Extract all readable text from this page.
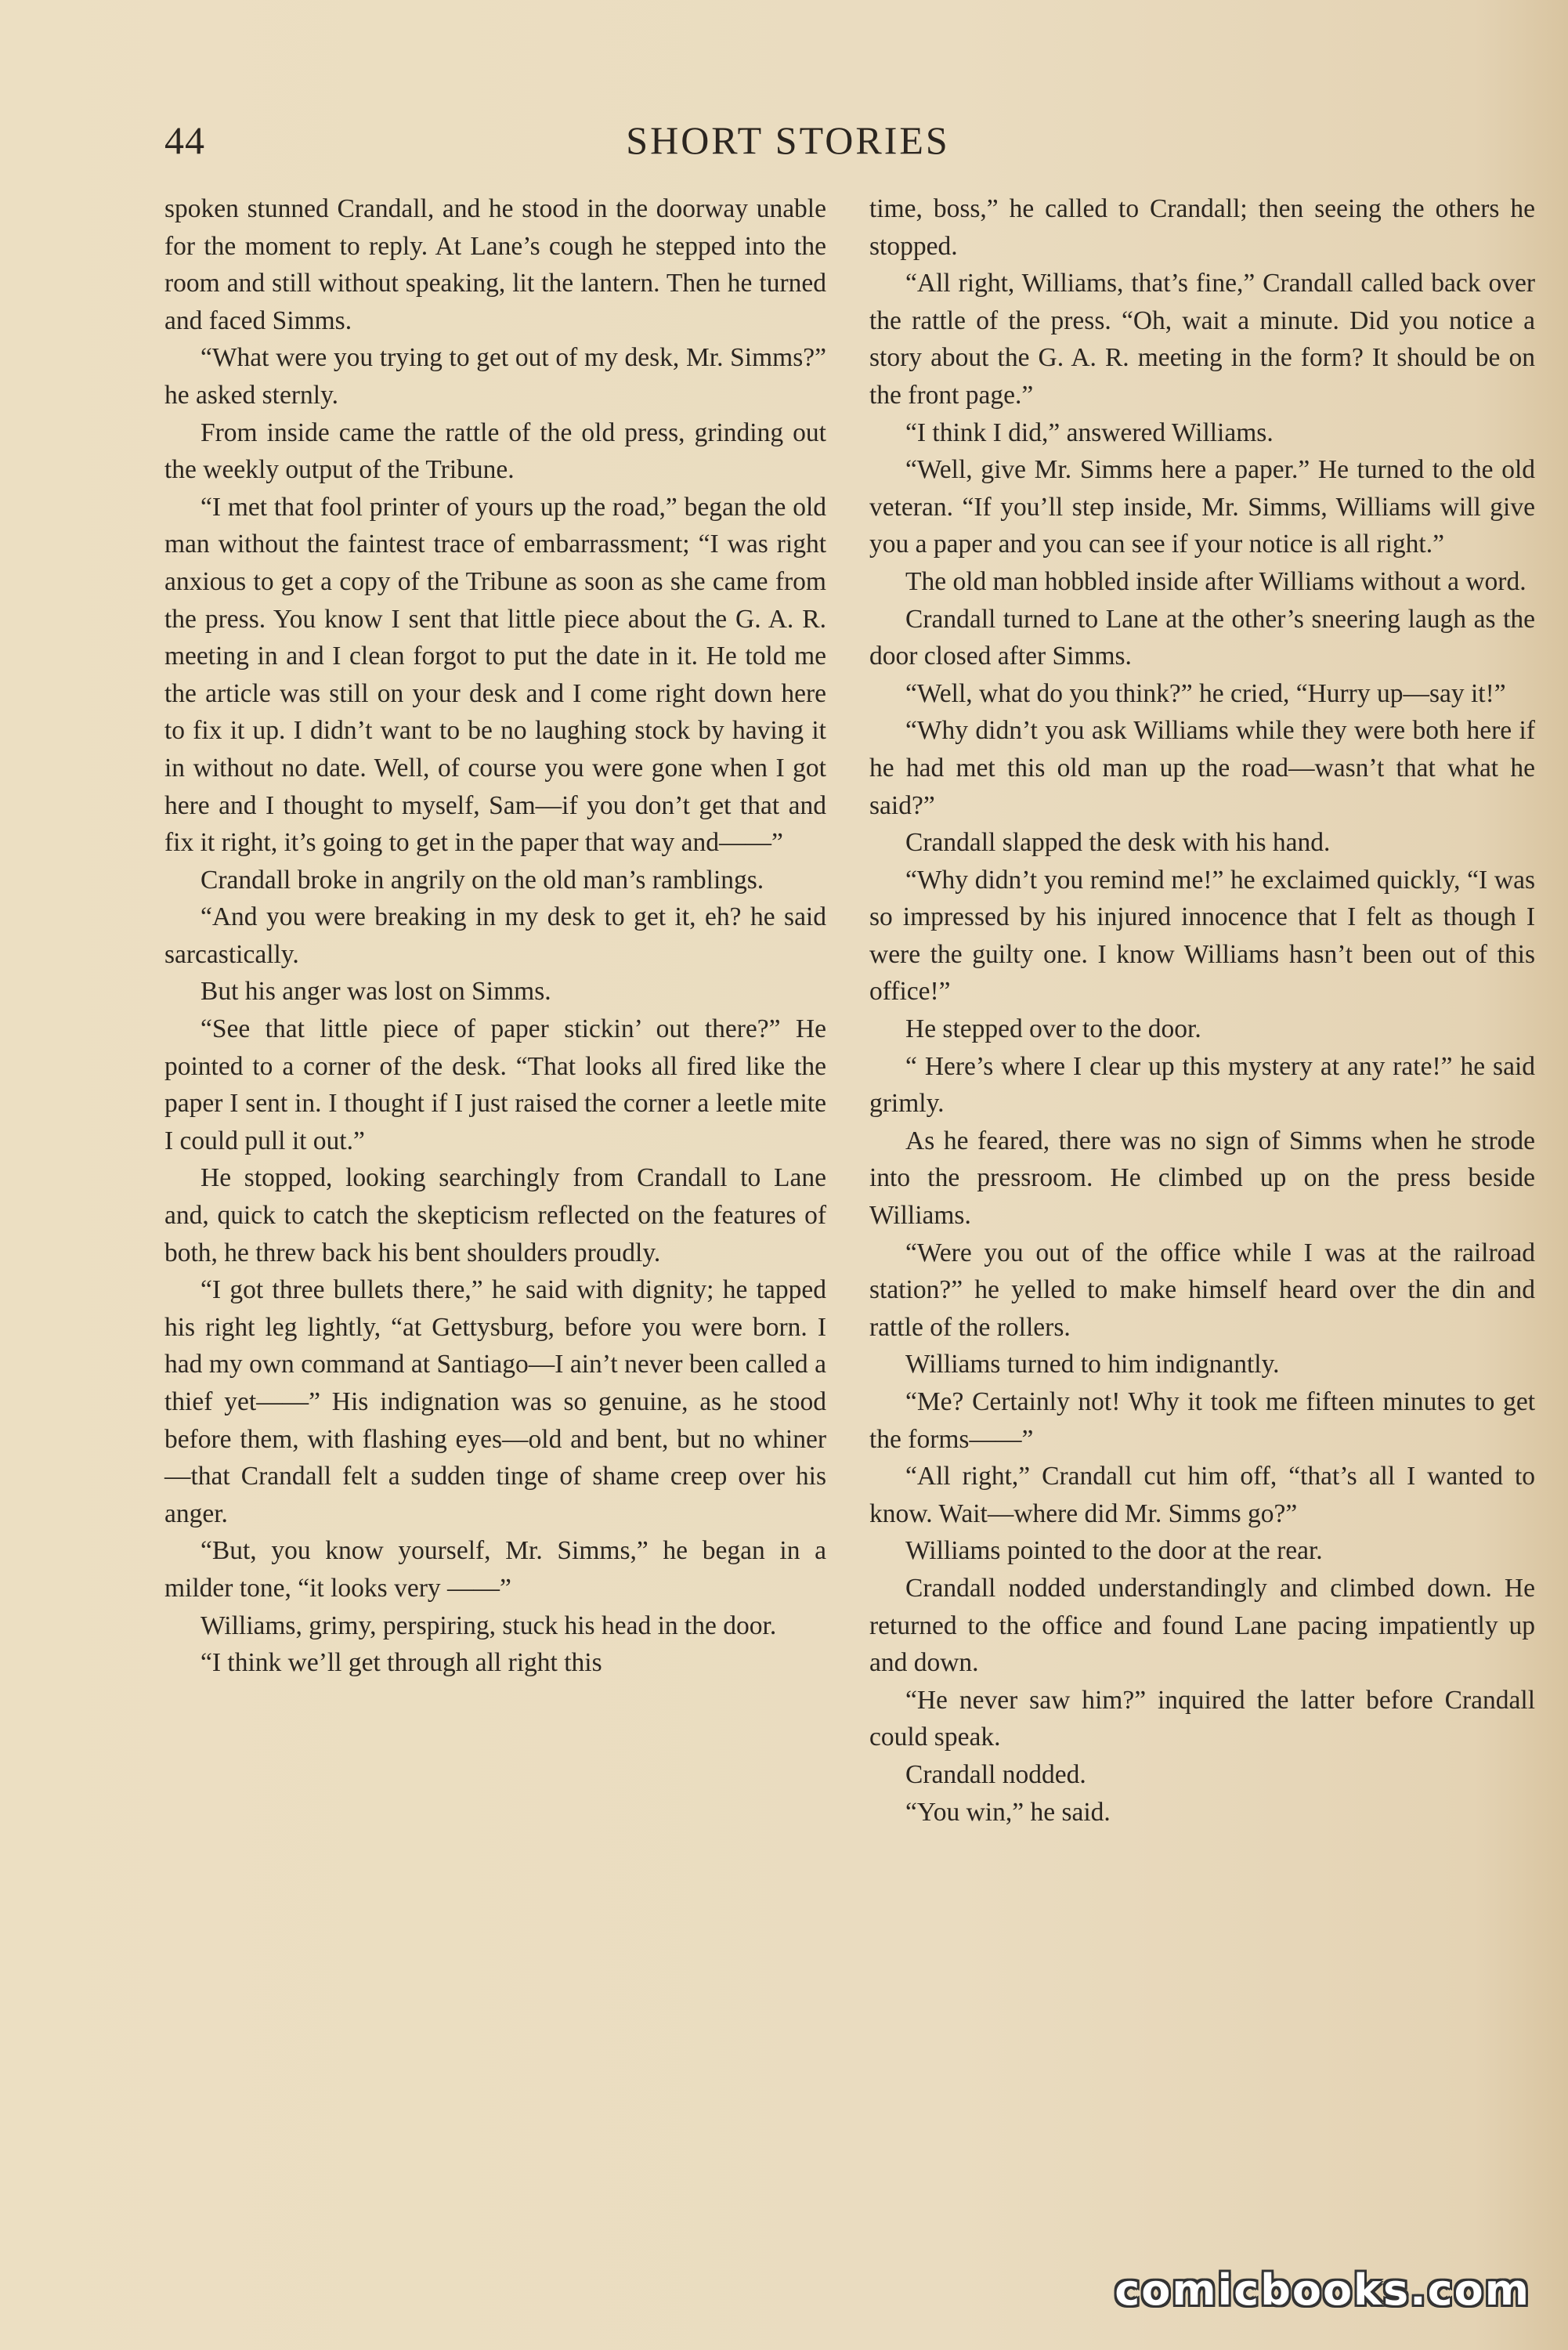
SHORT STORIES
44

spoken stunned Crandall, and he stood in the doorway unable for the moment to reply. At Lane’s cough he stepped into the room and still without speaking, lit the lantern. Then he turned and faced Simms.

“What were you trying to get out of my desk, Mr. Simms?” he asked sternly.

From inside came the rattle of the old press, grinding out the weekly output of the Tribune.

“I met that fool printer of yours up the road,” began the old man without the faintest trace of embarrassment; “I was right anxious to get a copy of the Tribune as soon as she came from the press. You know I sent that little piece about the G. A. R. meeting in and I clean forgot to put the date in it. He told me the article was still on your desk and I come right down here to fix it up. I didn’t want to be no laughing stock by having it in without no date. Well, of course you were gone when I got here and I thought to myself, Sam—if you don’t get that and fix it right, it’s going to get in the paper that way and——”

Crandall broke in angrily on the old man’s ramblings.

“And you were breaking in my desk to get it, eh? he said sarcastically.

But his anger was lost on Simms.

“See that little piece of paper stickin’ out there?” He pointed to a corner of the desk. “That looks all fired like the paper I sent in. I thought if I just raised the corner a leetle mite I could pull it out.”

He stopped, looking searchingly from Crandall to Lane and, quick to catch the skepticism reflected on the features of both, he threw back his bent shoulders proudly.

“I got three bullets there,” he said with dignity; he tapped his right leg lightly, “at Gettysburg, before you were born. I had my own command at Santiago—I ain’t never been called a thief yet——” His indignation was so genuine, as he stood before them, with flashing eyes—old and bent, but no whiner—that Crandall felt a sudden tinge of shame creep over his anger.

“But, you know yourself, Mr. Simms,” he began in a milder tone, “it looks very ——”

Williams, grimy, perspiring, stuck his head in the door.

“I think we’ll get through all right this

time, boss,” he called to Crandall; then seeing the others he stopped.

“All right, Williams, that’s fine,” Crandall called back over the rattle of the press. “Oh, wait a minute. Did you notice a story about the G. A. R. meeting in the form? It should be on the front page.”

“I think I did,” answered Williams.

“Well, give Mr. Simms here a paper.” He turned to the old veteran. “If you’ll step inside, Mr. Simms, Williams will give you a paper and you can see if your notice is all right.”

The old man hobbled inside after Williams without a word.

Crandall turned to Lane at the other’s sneering laugh as the door closed after Simms.

“Well, what do you think?” he cried, “Hurry up—say it!”

“Why didn’t you ask Williams while they were both here if he had met this old man up the road—wasn’t that what he said?”

Crandall slapped the desk with his hand.

“Why didn’t you remind me!” he exclaimed quickly, “I was so impressed by his injured innocence that I felt as though I were the guilty one. I know Williams hasn’t been out of this office!”

He stepped over to the door.

“ Here’s where I clear up this mystery at any rate!” he said grimly.

As he feared, there was no sign of Simms when he strode into the pressroom. He climbed up on the press beside Williams.

“Were you out of the office while I was at the railroad station?” he yelled to make himself heard over the din and rattle of the rollers.

Williams turned to him indignantly.

“Me? Certainly not! Why it took me fifteen minutes to get the forms——”

“All right,” Crandall cut him off, “that’s all I wanted to know. Wait—where did Mr. Simms go?”

Williams pointed to the door at the rear.

Crandall nodded understandingly and climbed down. He returned to the office and found Lane pacing impatiently up and down.

“He never saw him?” inquired the latter before Crandall could speak.

Crandall nodded.

“You win,” he said.

comicbooks.com
